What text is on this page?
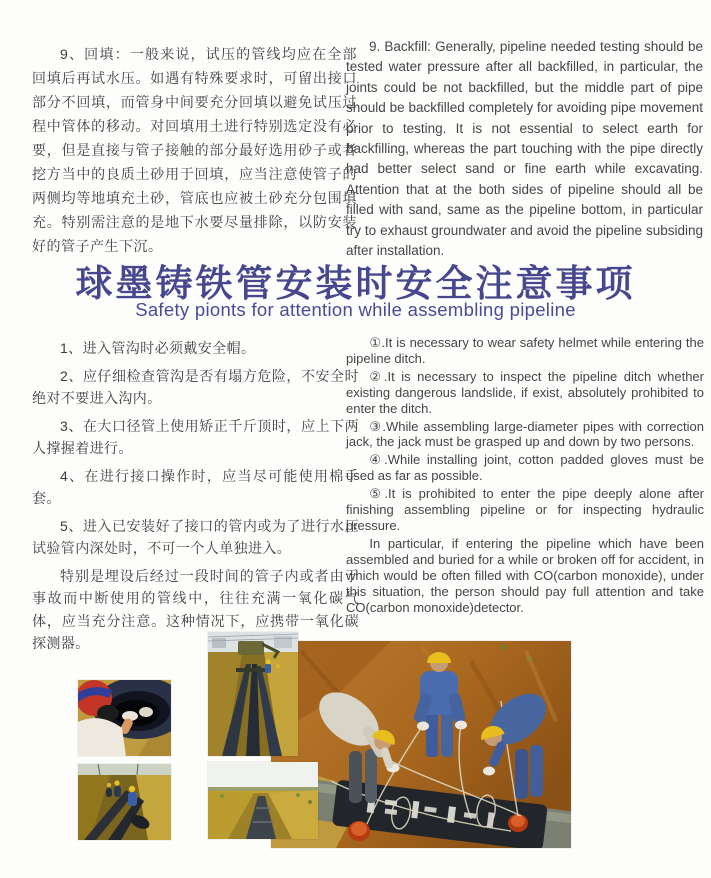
9、回填：一般来说，试压的管线均应在全部回填后再试水压。如遇有特殊要求时，可留出接口部分不回填，而管身中间要充分回填以避免试压过程中管体的移动。对回填用土进行特别选定没有必要，但是直接与管子接触的部分最好选用砂子或者挖方当中的良质土砂用于回填，应当注意使管子的两侧均等地填充土砂，管底也应被土砂充分包围填充。特别需注意的是地下水要尽量排除，以防安装好的管子产生下沉。
9. Backfill: Generally, pipeline needed testing should be tested water pressure after all backfilled, in particular, the joints could be not backfilled, but the middle part of pipe should be backfilled completely for avoiding pipe movement prior to testing. It is not essential to select earth for backfilling, whereas the part touching with the pipe directly had better select sand or fine earth while excavating. Attention that at the both sides of pipeline should all be filled with sand, same as the pipeline bottom, in particular try to exhaust groundwater and avoid the pipeline subsiding after installation.
球墨铸铁管安装时安全注意事项
Safety pionts for attention while assembling pipeline

1、进入管沟时必须戴安全帽。

2、应仔细检查管沟是否有塌方危险，不安全时绝对不要进入沟内。

3、在大口径管上使用矫正千斤顶时，应上下两人撑握着进行。

4、在进行接口操作时，应当尽可能使用棉手套。

5、进入已安装好了接口的管内或为了进行水压试验管内深处时，不可一个人单独进入。

特别是埋设后经过一段时间的管子内或者由于事故而中断使用的管线中，往往充满一氧化碳气体，应当充分注意。这种情况下，应携带一氧化碳探测器。

①.It is necessary to wear safety helmet while entering the pipeline ditch.

②.It is necessary to inspect the pipeline ditch whether existing dangerous landslide, if exist, absolutely prohibited to enter the ditch.

③.While assembling large-diameter pipes with correction jack, the jack must be grasped up and down by two persons.

④.While installing joint, cotton padded gloves must be used as far as possible.

⑤.It is prohibited to enter the pipe deeply alone after finishing assembling pipeline or for inspecting hydraulic pressure.

In particular, if entering the pipeline which have been assembled and buried for a while or broken off for accident, in which would be often filled with CO(carbon monoxide), under this situation, the person should pay full attention and take CO(carbon monoxide)detector.
